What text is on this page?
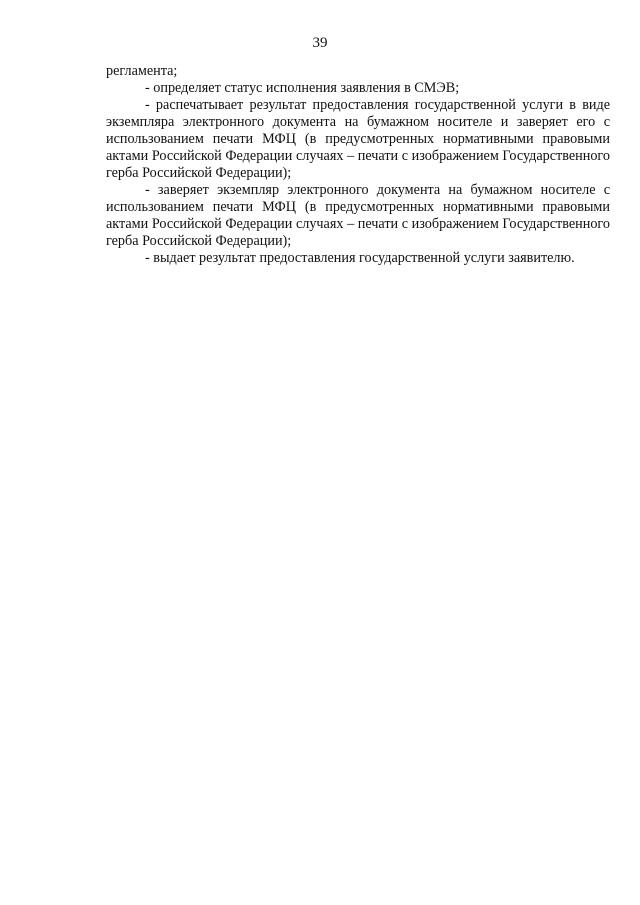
39

регламента;

- определяет статус исполнения заявления в СМЭВ;

- распечатывает результат предоставления государственной услуги в виде экземпляра электронного документа на бумажном носителе и заверяет его с использованием печати МФЦ (в предусмотренных нормативными правовыми актами Российской Федерации случаях – печати с изображением Государственного герба Российской Федерации);

- заверяет экземпляр электронного документа на бумажном носителе с использованием печати МФЦ (в предусмотренных нормативными правовыми актами Российской Федерации случаях – печати с изображением Государственного герба Российской Федерации);

- выдает результат предоставления государственной услуги заявителю.
